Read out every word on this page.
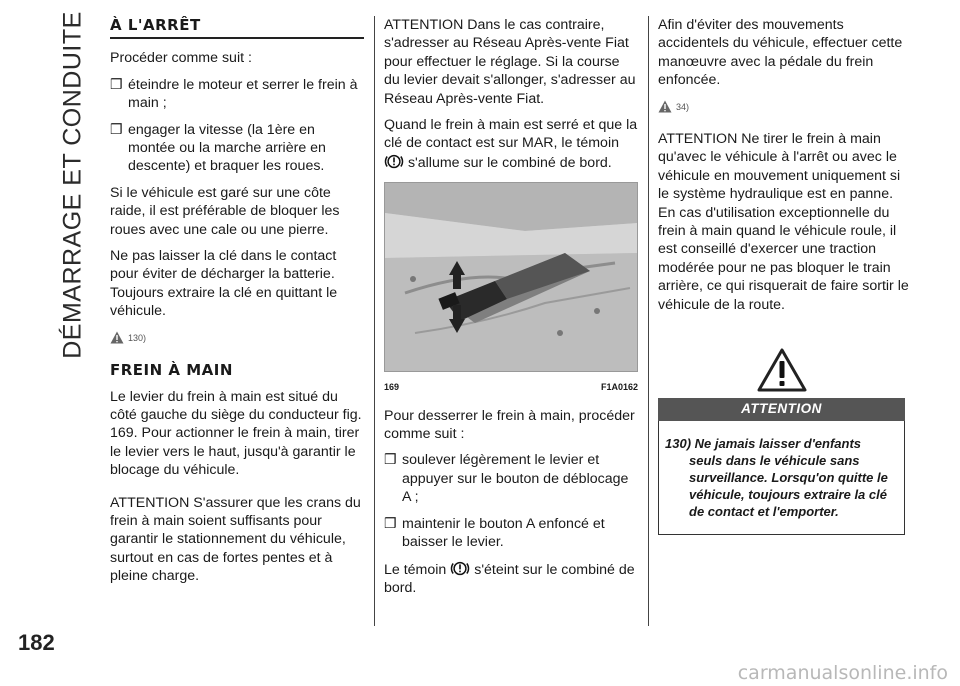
DÉMARRAGE ET CONDUITE
182
carmanualsonline.info
À L'ARRÊT

Procéder comme suit :

❒ éteindre le moteur et serrer le frein à main ;
❒ engager la vitesse (la 1ère en montée ou la marche arrière en descente) et braquer les roues.

Si le véhicule est garé sur une côte raide, il est préférable de bloquer les roues avec une cale ou une pierre.

Ne pas laisser la clé dans le contact pour éviter de décharger la batterie. Toujours extraire la clé en quittant le véhicule.

130)
FREIN À MAIN

Le levier du frein à main est situé du côté gauche du siège du conducteur fig. 169. Pour actionner le frein à main, tirer le levier vers le haut, jusqu'à garantir le blocage du véhicule.

ATTENTION S'assurer que les crans du frein à main soient suffisants pour garantir le stationnement du véhicule, surtout en cas de fortes pentes et à pleine charge.

ATTENTION Dans le cas contraire, s'adresser au Réseau Après-vente Fiat pour effectuer le réglage. Si la course du levier devait s'allonger, s'adresser au Réseau Après-vente Fiat.

Quand le frein à main est serré et que la clé de contact est sur MAR, le témoin

s'allume sur le combiné de bord.

169	F1A0162

Pour desserrer le frein à main, procéder comme suit :

❒ soulever légèrement le levier et appuyer sur le bouton de déblocage A ;
❒ maintenir le bouton A enfoncé et baisser le levier.

Le témoin s'éteint sur le combiné de bord.

Afin d'éviter des mouvements accidentels du véhicule, effectuer cette manœuvre avec la pédale du frein enfoncée.

34)

ATTENTION Ne tirer le frein à main qu'avec le véhicule à l'arrêt ou avec le véhicule en mouvement uniquement si le système hydraulique est en panne. En cas d'utilisation exceptionnelle du frein à main quand le véhicule roule, il est conseillé d'exercer une traction modérée pour ne pas bloquer le train arrière, ce qui risquerait de faire sortir le véhicule de la route.

ATTENTION
130) Ne jamais laisser d'enfants seuls dans le véhicule sans surveillance. Lorsqu'on quitte le véhicule, toujours extraire la clé de contact et l'emporter.
